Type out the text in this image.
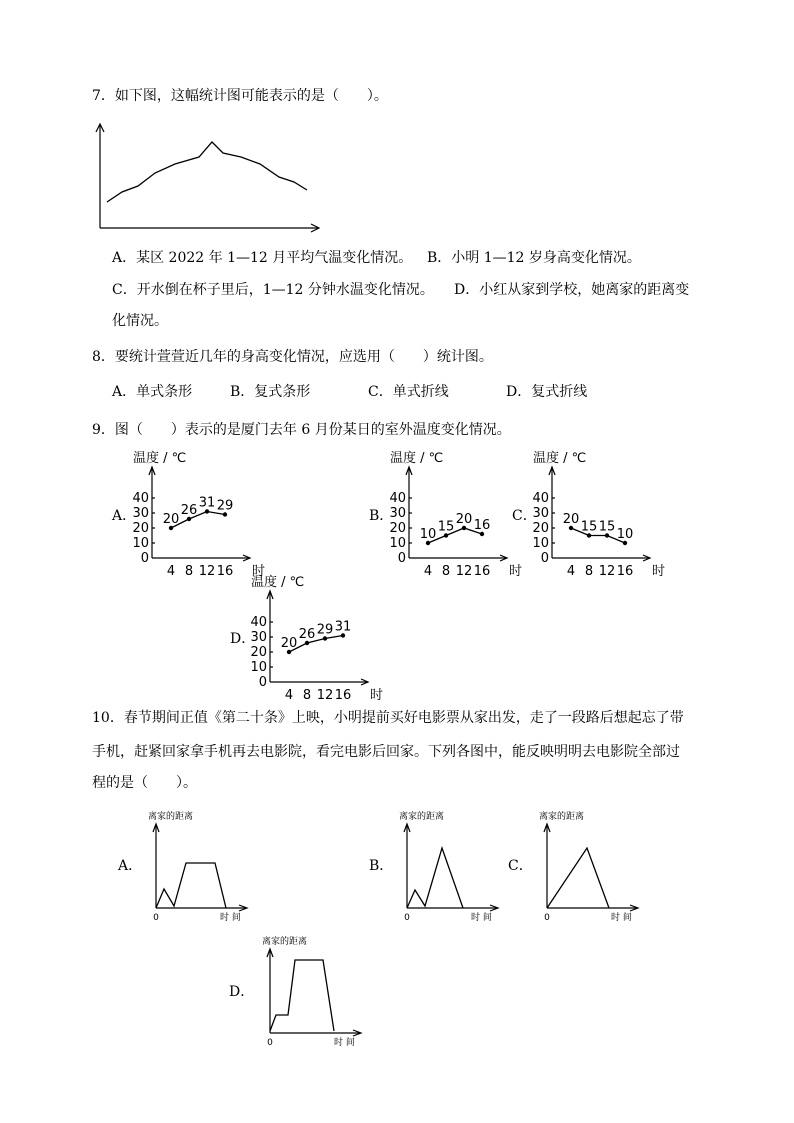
7．如下图，这幅统计图可能表示的是（　　）。
A．某区 2022 年 1—12 月平均气温变化情况。 B．小明 1—12 岁身高变化情况。
C．开水倒在杯子里后，1—12 分钟水温变化情况。 D．小红从家到学校，她离家的距离变
化情况。
8．要统计萱萱近几年的身高变化情况，应选用（　　）统计图。
A．单式条形	B．复式条形	C．单式折线	D．复式折线
9．图（　　）表示的是厦门去年 6 月份某日的室外温度变化情况。
A．
温度 / ℃
40
30
20
10
0
4 8 12 16 时
20
26 31 29
B．
温度 / ℃
40
30
20
10
0
4 8 12 16 时
10 15 20 16
C．
温度 / ℃
40
30
20
10
0
4 8 12 16 时
20 15 15 10
D．
温度 / ℃
40
30
20
10
0
4 8 12 16 时
20
26 29 31
10．春节期间正值《第二十条》上映，小明提前买好电影票从家出发，走了一段路后想起忘了带
手机，赶紧回家拿手机再去电影院，看完电影后回家。下列各图中，能反映明明去电影院全部过
程的是（　　）。
A．
离家的距离
0	时 间
B．
离家的距离
0	时 间
C．
离家的距离
0	时 间
D．
离家的距离
0	时 间
